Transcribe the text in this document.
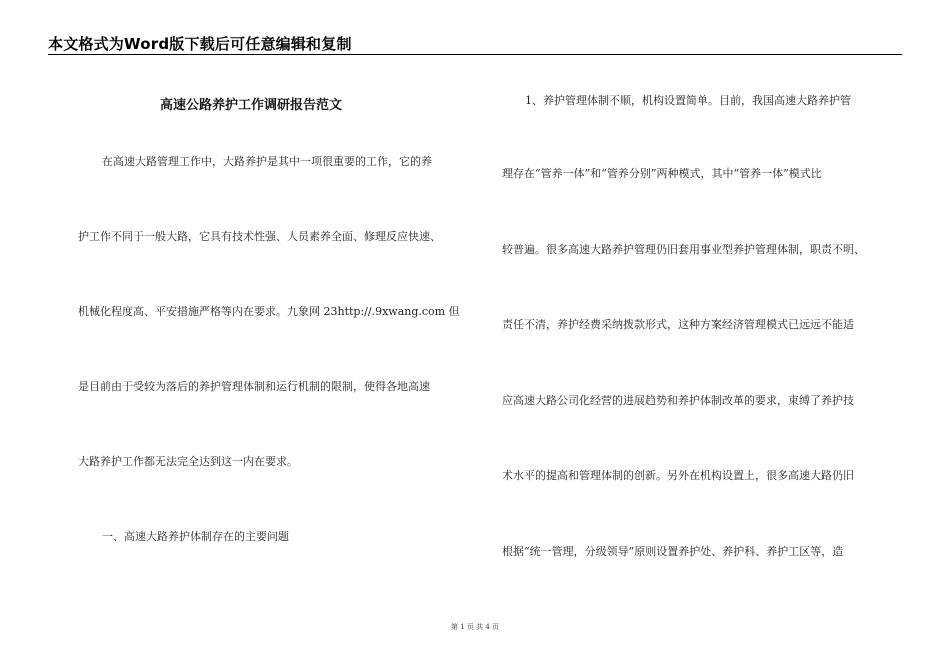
本文格式为Word版下载后可任意编辑和复制
高速公路养护工作调研报告范文
在高速大路管理工作中，大路养护是其中一项很重要的工作，它的养
护工作不同于一般大路，它具有技术性强、人员素养全面、修理反应快速、
机械化程度高、平安措施严格等内在要求。九象网 23http://.9xwang.com 但
是目前由于受较为落后的养护管理体制和运行机制的限制，使得各地高速
大路养护工作都无法完全达到这一内在要求。
一、高速大路养护体制存在的主要问题
1、养护管理体制不顺，机构设置简单。目前，我国高速大路养护管
理存在“管养一体”和“管养分别”两种模式，其中“管养一体”模式比
较普遍。很多高速大路养护管理仍旧套用事业型养护管理体制，职责不明、
责任不清，养护经费采纳拨款形式，这种方案经济管理模式已远远不能适
应高速大路公司化经营的进展趋势和养护体制改革的要求，束缚了养护技
术水平的提高和管理体制的创新。另外在机构设置上，很多高速大路仍旧
根据“统一管理，分级领导”原则设置养护处、养护科、养护工区等，造
第 1 页 共 4 页
